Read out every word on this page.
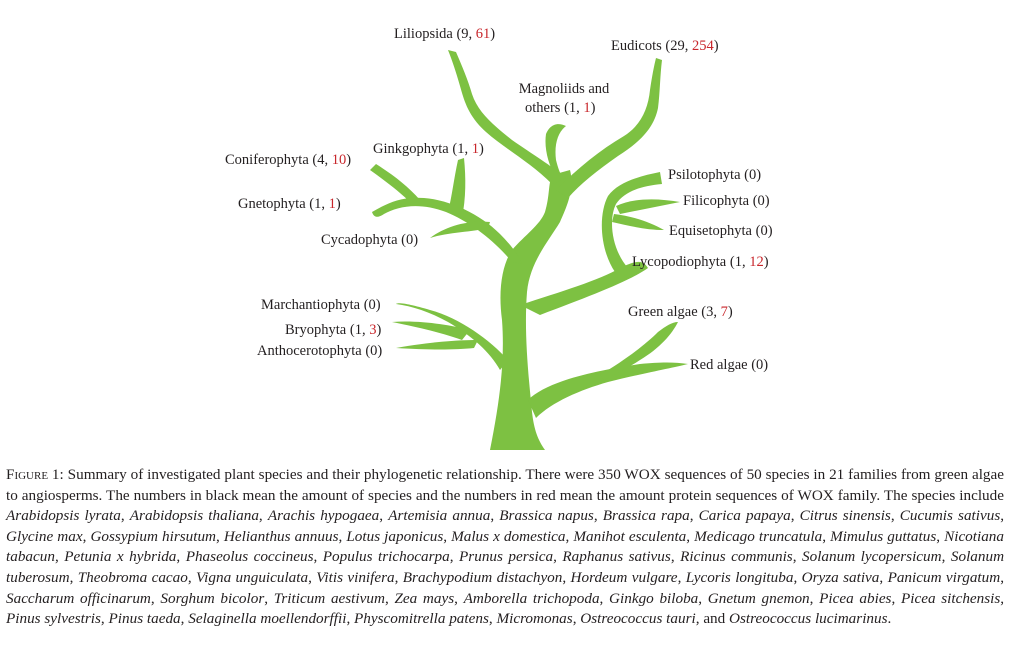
Liliopsida (9, 61)
Eudicots (29, 254)
Magnoliids and
others (1, 1)
Coniferophyta (4, 10)
Ginkgophyta (1, 1)
Gnetophyta (1, 1)
Cycadophyta (0)
Psilotophyta (0)
Filicophyta (0)
Equisetophyta (0)
Lycopodiophyta (1, 12)
Marchantiophyta (0)
Bryophyta (1, 3)
Anthocerotophyta (0)
Green algae (3, 7)
Red algae (0)
Figure 1: Summary of investigated plant species and their phylogenetic relationship. There were 350 WOX sequences of 50 species in 21 families from green algae to angiosperms. The numbers in black mean the amount of species and the numbers in red mean the amount protein sequences of WOX family. The species include Arabidopsis lyrata, Arabidopsis thaliana, Arachis hypogaea, Artemisia annua, Brassica napus, Brassica rapa, Carica papaya, Citrus sinensis, Cucumis sativus, Glycine max, Gossypium hirsutum, Helianthus annuus, Lotus japonicus, Malus x domestica, Manihot esculenta, Medicago truncatula, Mimulus guttatus, Nicotiana tabacun, Petunia x hybrida, Phaseolus coccineus, Populus trichocarpa, Prunus persica, Raphanus sativus, Ricinus communis, Solanum lycopersicum, Solanum tuberosum, Theobroma cacao, Vigna unguiculata, Vitis vinifera, Brachypodium distachyon, Hordeum vulgare, Lycoris longituba, Oryza sativa, Panicum virgatum, Saccharum officinarum, Sorghum bicolor, Triticum aestivum, Zea mays, Amborella trichopoda, Ginkgo biloba, Gnetum gnemon, Picea abies, Picea sitchensis, Pinus sylvestris, Pinus taeda, Selaginella moellendorffii, Physcomitrella patens, Micromonas, Ostreococcus tauri, and Ostreococcus lucimarinus.
